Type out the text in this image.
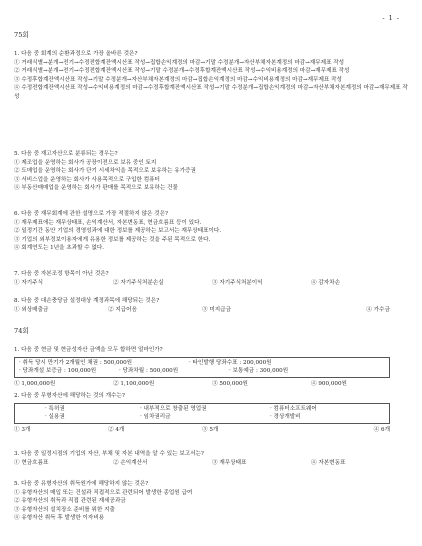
- 1 -
75회

1. 다음 중 회계의 순환과정으로 가장 올바른 것은?

① 거래식별→분개→전기→수정전합계잔액시산표 작성→집합손익계정의 마감→기말 수정분개→자산부채자본계정의 마감→재무제표 작성

② 거래식별→분개→전기→수정전합계잔액시산표 작성→기말 수정분개→수정후합계잔액시산표 작성→수익비용계정의 마감→재무제표 작성

③ 수정후합계잔액시산표 작성→기말 수정분개→자산부채자본계정의 마감→집합손익계정의 마감→수익비용계정의 마감→재무제표 작성

④ 수정전합계잔액시산표 작성→수익비용계정의 마감→수정후합계잔액시산표 작성→기말 수정분개→집합손익계정의 마감→자산부채자본계정의 마감→재무제표 작성

5. 다음 중 재고자산으로 분류되는 경우는?

① 제조업을 운영하는 회사가 공장이전으로 보유 중인 토지

② 도매업을 운영하는 회사가 단기 시세차익을 목적으로 보유하는 유가증권

③ 서비스업을 운영하는 회사가 사용목적으로 구입한 컴퓨터

④ 부동산매매업을 운영하는 회사가 판매를 목적으로 보유하는 건물

6. 다음 중 재무회계에 관한 설명으로 가장 적절하지 않은 것은?

① 재무제표에는 재무상태표, 손익계산서, 자본변동표, 현금흐름표 등이 있다.

② 일정기간 동안 기업의 경영성과에 대한 정보를 제공하는 보고서는 재무상태표이다.

③ 기업의 외부정보이용자에게 유용한 정보를 제공하는 것을 주된 목적으로 한다.

④ 회계연도는 1년을 초과할 수 없다.

7. 다음 중 자본조정 항목이 아닌 것은?

① 자기주식	② 자기주식처분손실	③ 자기주식처분이익	④ 감자차손

8. 다음 중 대손충당금 설정대상 계정과목에 해당되는 것은?

① 외상매출금	② 지급어음	③ 미지급금	④ 가수금
74회

1. 다음 중 현금 및 현금성자산 금액을 모두 합하면 얼마인가?

· 취득 당시 만기가 2개월인 채권 : 500,000원	· 타인발행 당좌수표 : 200,000원
· 당좌개설 보증금 : 100,000원	· 당좌차월 : 500,000원	· 보통예금 : 300,000원
① 1,000,000원	② 1,100,000원	③ 500,000원	④ 900,000원

2. 다음 중 무형자산에 해당하는 것의 개수는?

· 특허권	· 내부적으로 창출된 영업권	· 컴퓨터소프트웨어
· 실용권	· 임차권리금	· 경상개발비
① 3개	② 4개	③ 5개	④ 6개

3. 다음 중 일정시점의 기업의 자산, 부채 및 자본 내역을 알 수 있는 보고서는?

① 현금흐름표	② 손익계산서	③ 재무상태표	④ 자본변동표

5. 다음 중 유형자산의 취득원가에 해당하지 않는 것은?

① 유형자산의 매입 또는 건설과 직접적으로 관련되어 발생한 종업원 급여

② 유형자산의 취득과 직접 관련된 재세공과금

③ 유형자산의 설치장소 준비를 위한 지출

④ 유형자산 취득 후 발생한 이자비용
